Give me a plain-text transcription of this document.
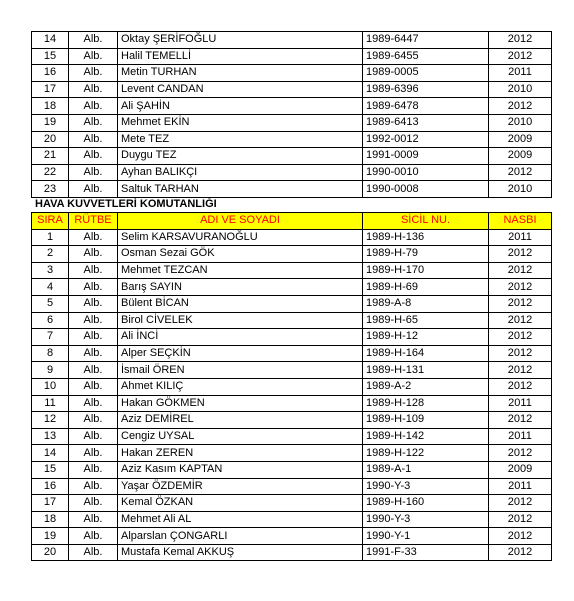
14	Alb.	Oktay ŞERİFOĞLU	1989-6447	2012
15	Alb.	Halil TEMELLİ	1989-6455	2012
16	Alb.	Metin TURHAN	1989-0005	2011
17	Alb.	Levent CANDAN	1989-6396	2010
18	Alb.	Ali ŞAHİN	1989-6478	2012
19	Alb.	Mehmet EKİN	1989-6413	2010
20	Alb.	Mete TEZ	1992-0012	2009
21	Alb.	Duygu TEZ	1991-0009	2009
22	Alb.	Ayhan BALIKÇI	1990-0010	2012
23	Alb.	Saltuk TARHAN	1990-0008	2010
HAVA KUVVETLERİ KOMUTANLIĞI
SIRA	RÜTBE	ADI VE SOYADI	SİCİL NU.	NASBI
1	Alb.	Selim KARSAVURANOĞLU	1989-H-136	2011
2	Alb.	Osman Sezai GÖK	1989-H-79	2012
3	Alb.	Mehmet TEZCAN	1989-H-170	2012
4	Alb.	Barış SAYIN	1989-H-69	2012
5	Alb.	Bülent BİCAN	1989-A-8	2012
6	Alb.	Birol CİVELEK	1989-H-65	2012
7	Alb.	Ali İNCİ	1989-H-12	2012
8	Alb.	Alper SEÇKİN	1989-H-164	2012
9	Alb.	İsmail ÖREN	1989-H-131	2012
10	Alb.	Ahmet KILIÇ	1989-A-2	2012
11	Alb.	Hakan GÖKMEN	1989-H-128	2011
12	Alb.	Aziz DEMİREL	1989-H-109	2012
13	Alb.	Cengiz UYSAL	1989-H-142	2011
14	Alb.	Hakan ZEREN	1989-H-122	2012
15	Alb.	Aziz Kasım KAPTAN	1989-A-1	2009
16	Alb.	Yaşar ÖZDEMİR	1990-Y-3	2011
17	Alb.	Kemal ÖZKAN	1989-H-160	2012
18	Alb.	Mehmet Ali AL	1990-Y-3	2012
19	Alb.	Alparslan ÇONGARLI	1990-Y-1	2012
20	Alb.	Mustafa Kemal AKKUŞ	1991-F-33	2012
